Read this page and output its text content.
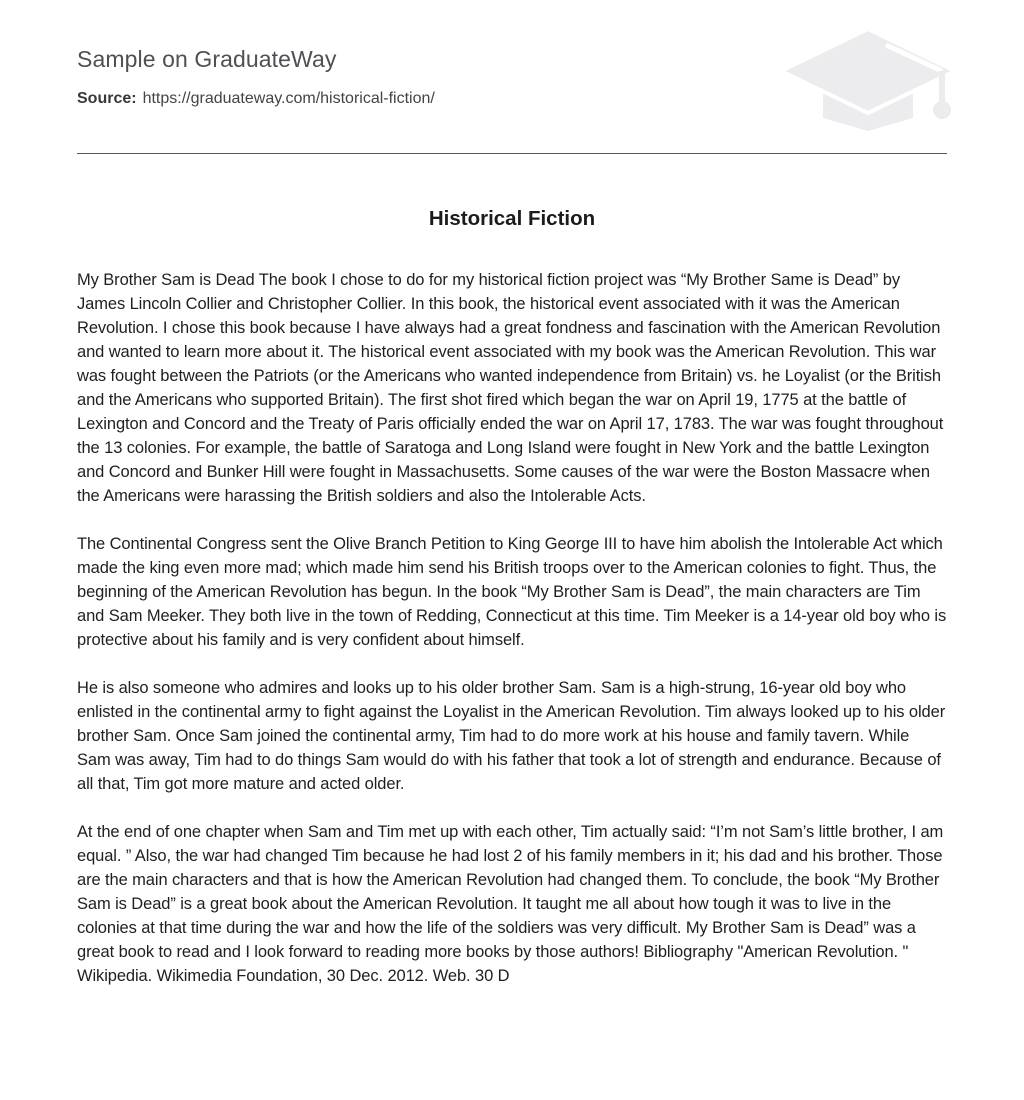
Sample on GraduateWay

Source: https://graduateway.com/historical-fiction/

Historical Fiction

My Brother Sam is Dead The book I chose to do for my historical fiction project was “My Brother Same is Dead” by James Lincoln Collier and Christopher Collier. In this book, the historical event associated with it was the American Revolution. I chose this book because I have always had a great fondness and fascination with the American Revolution and wanted to learn more about it. The historical event associated with my book was the American Revolution. This war was fought between the Patriots (or the Americans who wanted independence from Britain) vs. he Loyalist (or the British and the Americans who supported Britain). The first shot fired which began the war on April 19, 1775 at the battle of Lexington and Concord and the Treaty of Paris officially ended the war on April 17, 1783. The war was fought throughout the 13 colonies. For example, the battle of Saratoga and Long Island were fought in New York and the battle Lexington and Concord and Bunker Hill were fought in Massachusetts. Some causes of the war were the Boston Massacre when the Americans were harassing the British soldiers and also the Intolerable Acts.

The Continental Congress sent the Olive Branch Petition to King George III to have him abolish the Intolerable Act which made the king even more mad; which made him send his British troops over to the American colonies to fight. Thus, the beginning of the American Revolution has begun. In the book “My Brother Sam is Dead”, the main characters are Tim and Sam Meeker. They both live in the town of Redding, Connecticut at this time. Tim Meeker is a 14-year old boy who is protective about his family and is very confident about himself.

He is also someone who admires and looks up to his older brother Sam. Sam is a high-strung, 16-year old boy who enlisted in the continental army to fight against the Loyalist in the American Revolution. Tim always looked up to his older brother Sam. Once Sam joined the continental army, Tim had to do more work at his house and family tavern. While Sam was away, Tim had to do things Sam would do with his father that took a lot of strength and endurance. Because of all that, Tim got more mature and acted older.

At the end of one chapter when Sam and Tim met up with each other, Tim actually said: “I’m not Sam’s little brother, I am equal. ” Also, the war had changed Tim because he had lost 2 of his family members in it; his dad and his brother. Those are the main characters and that is how the American Revolution had changed them. To conclude, the book “My Brother Sam is Dead” is a great book about the American Revolution. It taught me all about how tough it was to live in the colonies at that time during the war and how the life of the soldiers was very difficult. My Brother Sam is Dead” was a great book to read and I look forward to reading more books by those authors! Bibliography "American Revolution. " Wikipedia. Wikimedia Foundation, 30 Dec. 2012. Web. 30 D
